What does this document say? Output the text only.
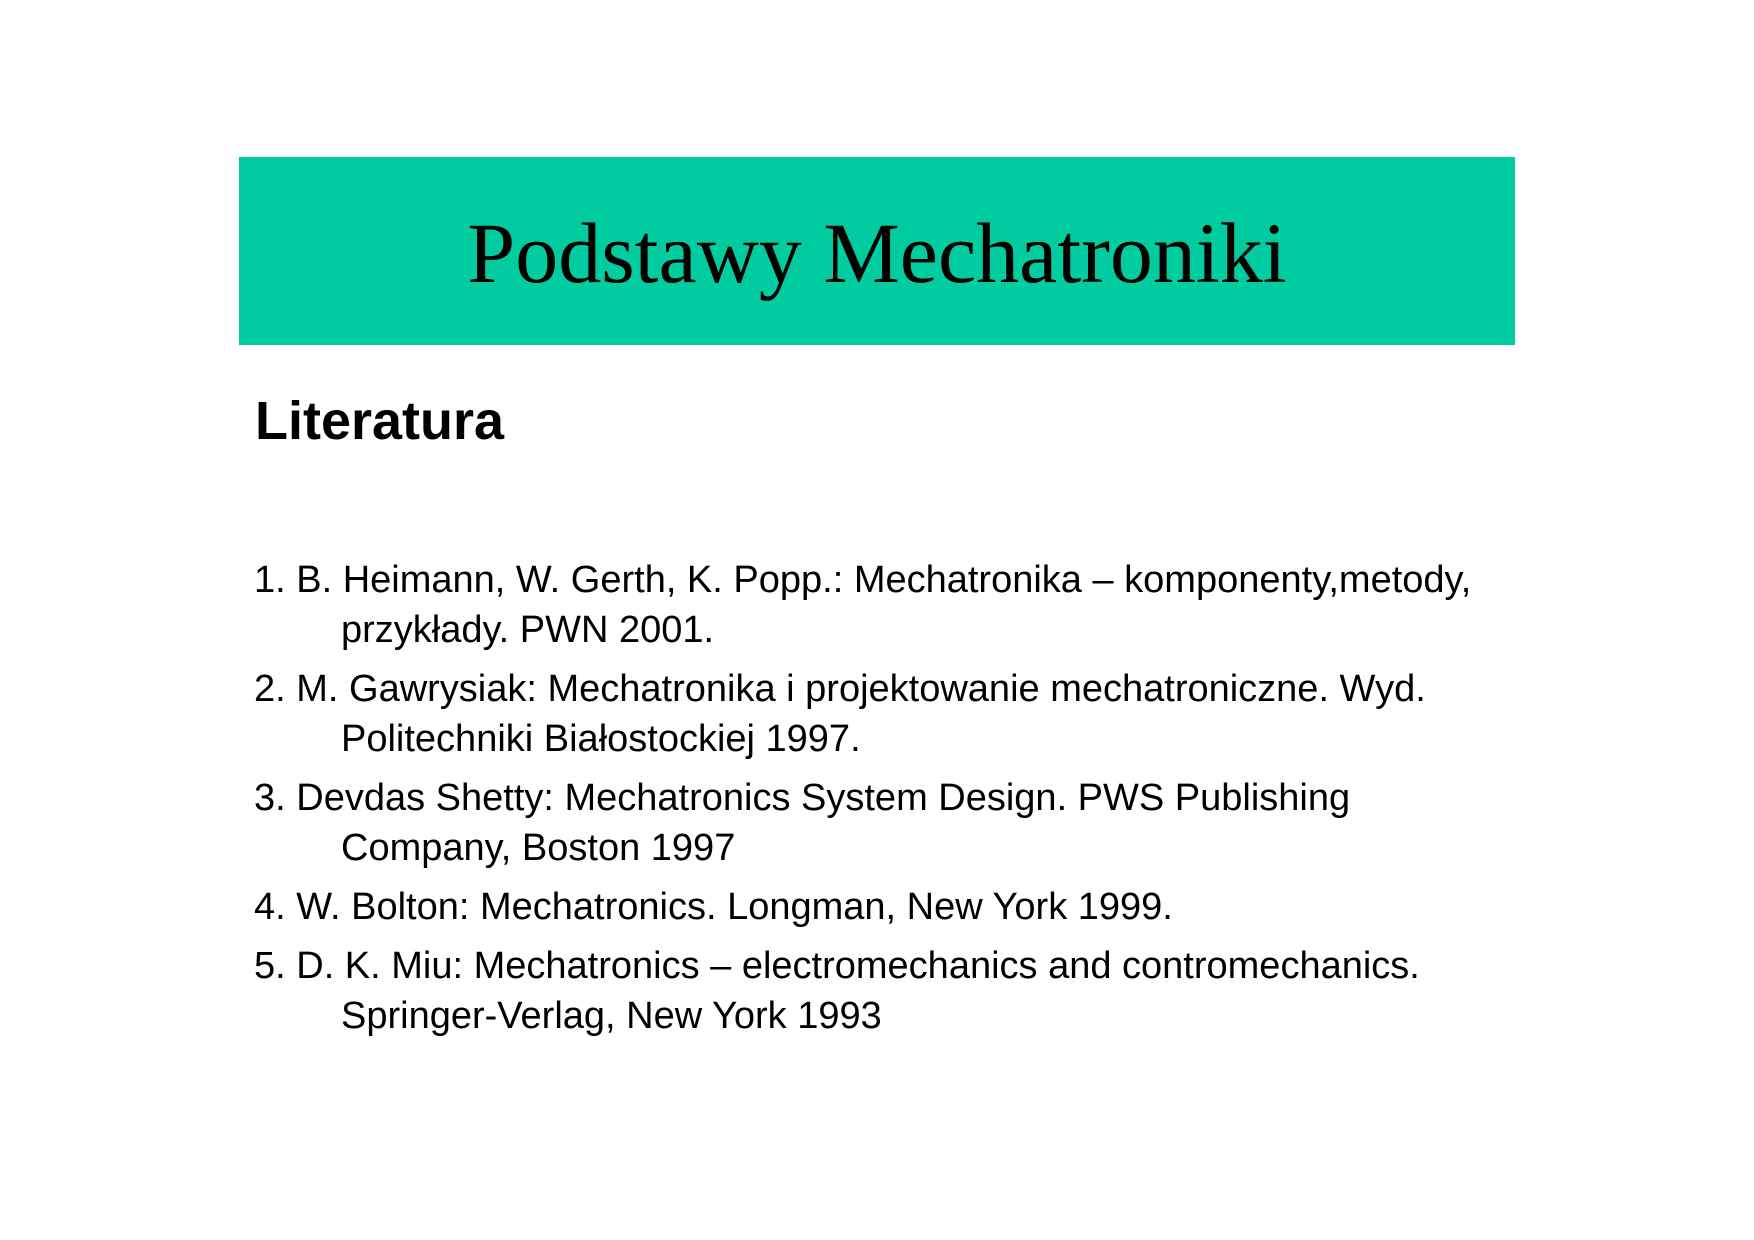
Podstawy Mechatroniki
Literatura
1. B. Heimann, W. Gerth, K. Popp.: Mechatronika – komponenty,metody, przykłady. PWN 2001.
2. M. Gawrysiak: Mechatronika i projektowanie mechatroniczne. Wyd. Politechniki Białostockiej 1997.
3. Devdas Shetty: Mechatronics System Design. PWS Publishing Company, Boston 1997
4. W. Bolton: Mechatronics. Longman, New York 1999.
5. D. K. Miu: Mechatronics – electromechanics and contromechanics. Springer-Verlag, New York 1993
